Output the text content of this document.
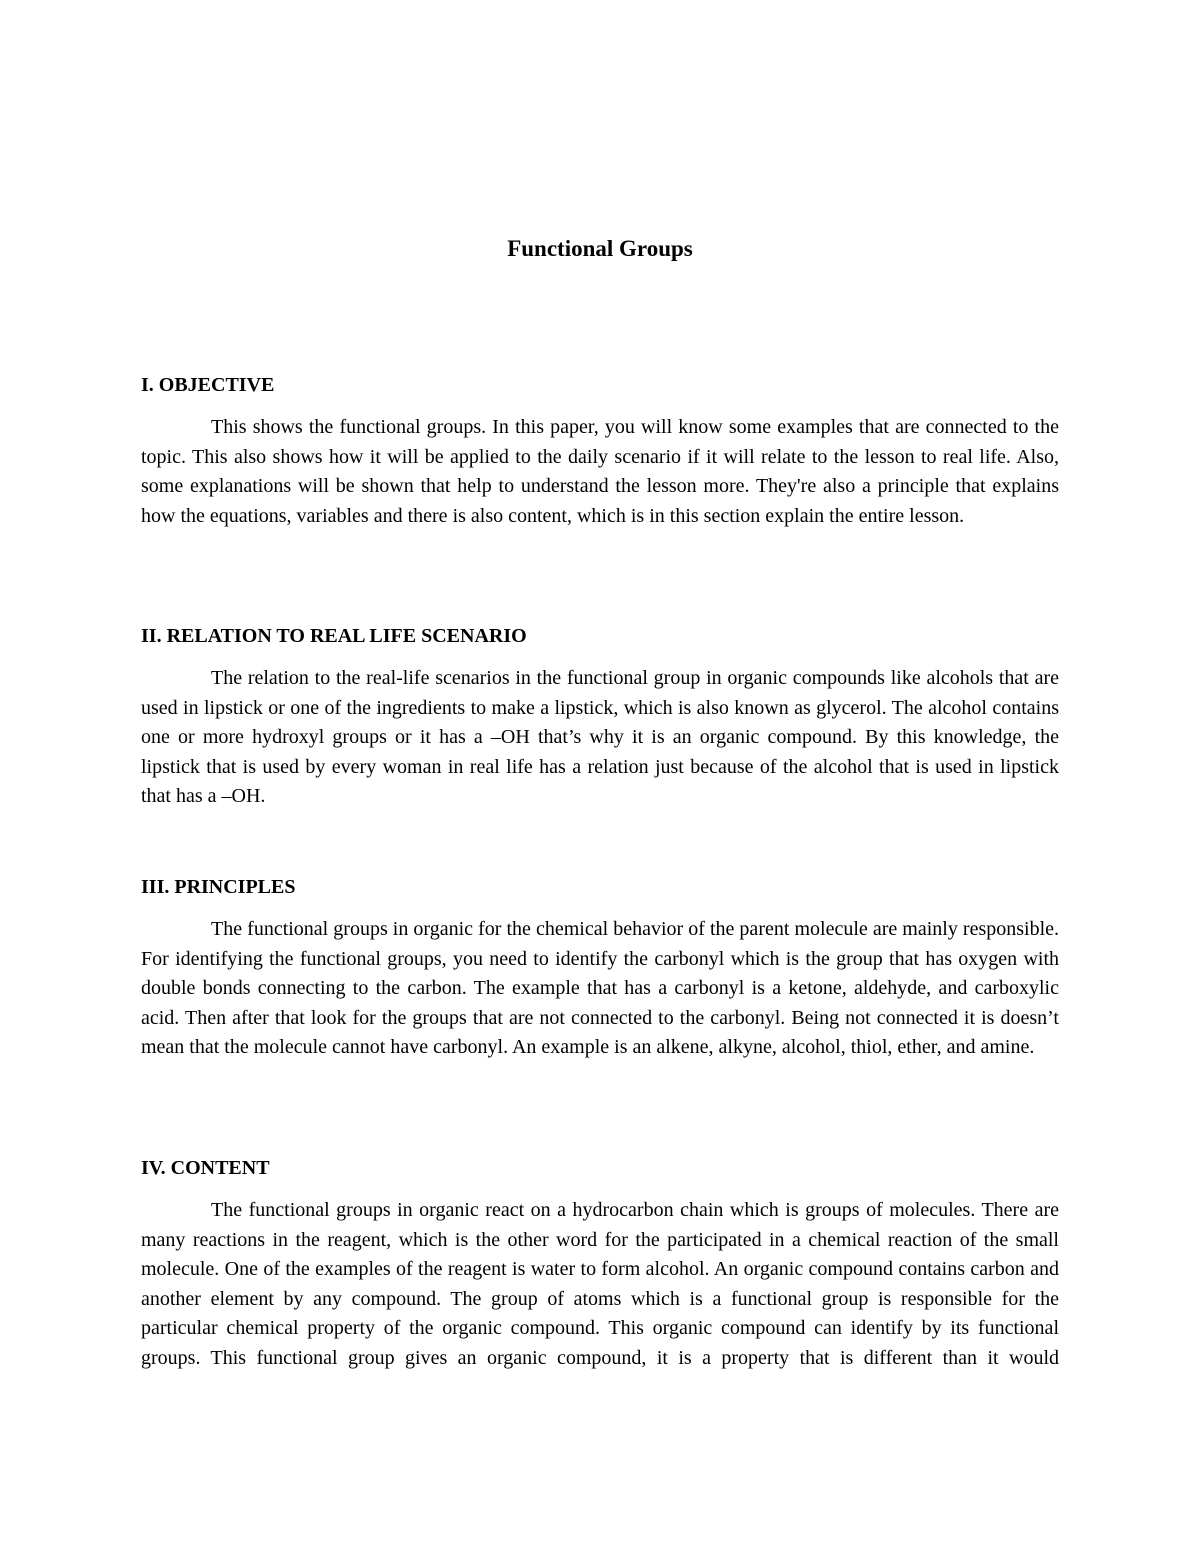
Functional Groups
I. OBJECTIVE

This shows the functional groups. In this paper, you will know some examples that are connected to the topic. This also shows how it will be applied to the daily scenario if it will relate to the lesson to real life. Also, some explanations will be shown that help to understand the lesson more. They're also a principle that explains how the equations, variables and there is also content, which is in this section explain the entire lesson.

II. RELATION TO REAL LIFE SCENARIO

The relation to the real-life scenarios in the functional group in organic compounds like alcohols that are used in lipstick or one of the ingredients to make a lipstick, which is also known as glycerol. The alcohol contains one or more hydroxyl groups or it has a –OH that’s why it is an organic compound. By this knowledge, the lipstick that is used by every woman in real life has a relation just because of the alcohol that is used in lipstick that has a –OH.

III. PRINCIPLES

The functional groups in organic for the chemical behavior of the parent molecule are mainly responsible. For identifying the functional groups, you need to identify the carbonyl which is the group that has oxygen with double bonds connecting to the carbon. The example that has a carbonyl is a ketone, aldehyde, and carboxylic acid. Then after that look for the groups that are not connected to the carbonyl. Being not connected it is doesn’t mean that the molecule cannot have carbonyl. An example is an alkene, alkyne, alcohol, thiol, ether, and amine.

IV. CONTENT

The functional groups in organic react on a hydrocarbon chain which is groups of molecules. There are many reactions in the reagent, which is the other word for the participated in a chemical reaction of the small molecule. One of the examples of the reagent is water to form alcohol. An organic compound contains carbon and another element by any compound. The group of atoms which is a functional group is responsible for the particular chemical property of the organic compound. This organic compound can identify by its functional groups. This functional group gives an organic compound, it is a property that is different than it would
